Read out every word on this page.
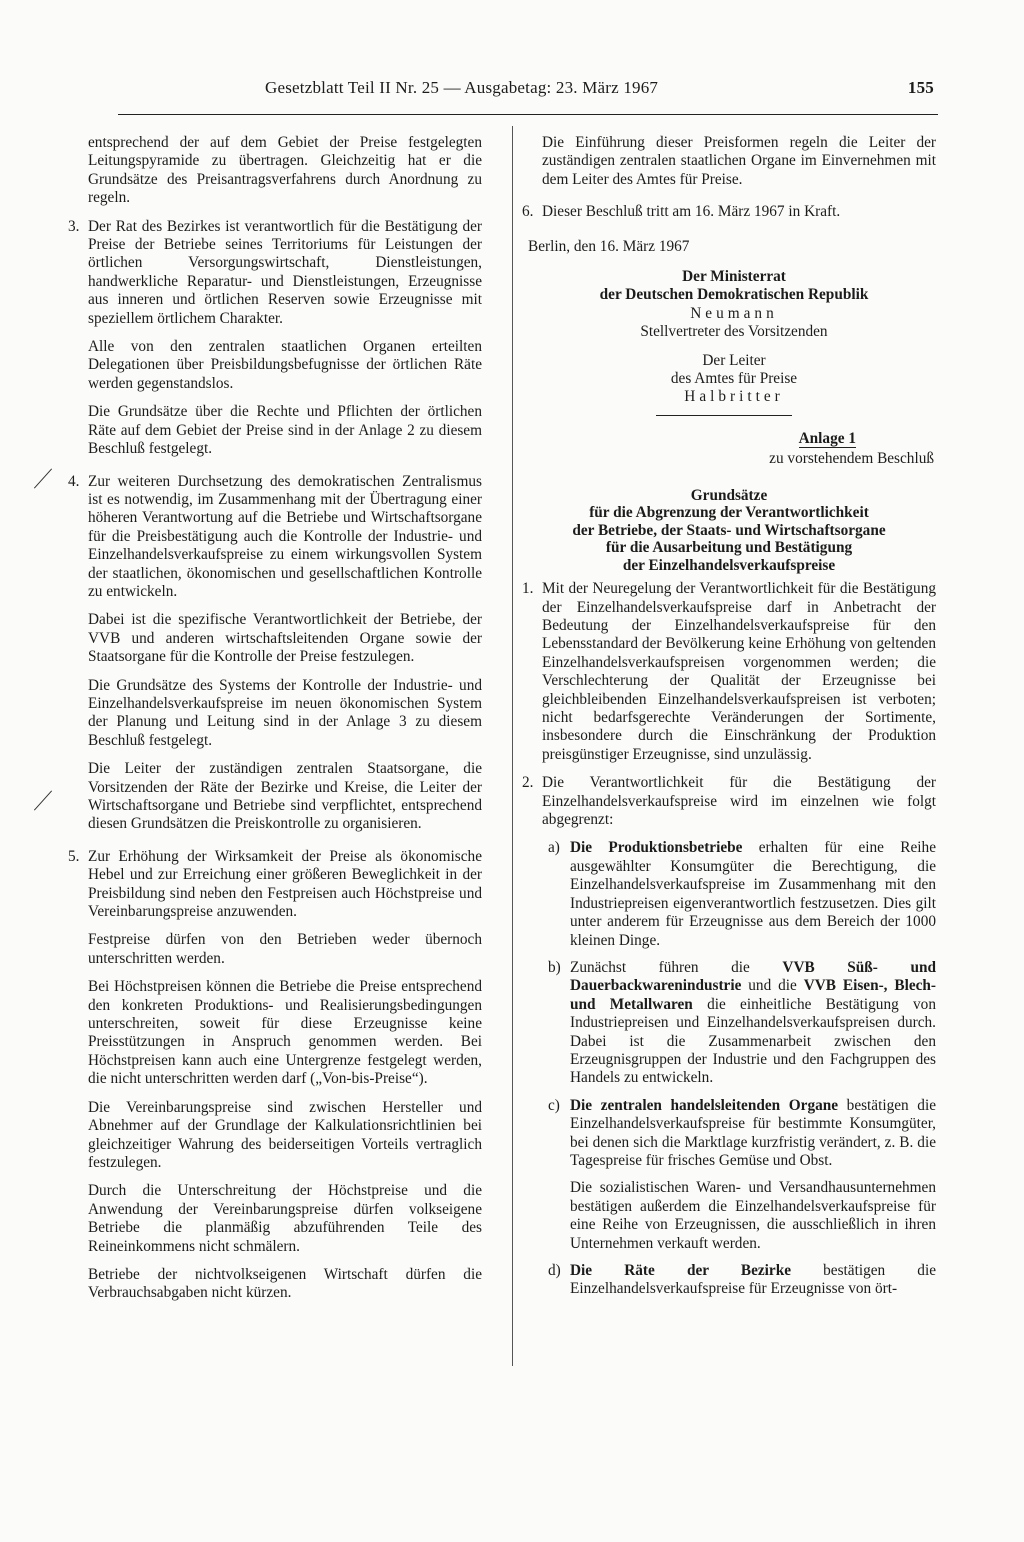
Gesetzblatt Teil II Nr. 25 — Ausgabetag: 23. März 1967	155

entsprechend der auf dem Gebiet der Preise festgelegten Leitungspyramide zu übertragen. Gleichzeitig hat er die Grundsätze des Preisantragsverfahrens durch Anordnung zu regeln.

3. Der Rat des Bezirkes ist verantwortlich für die Bestätigung der Preise der Betriebe seines Territoriums für Leistungen der örtlichen Versorgungswirtschaft, Dienstleistungen, handwerkliche Reparatur- und Dienstleistungen, Erzeugnisse aus inneren und örtlichen Reserven sowie Erzeugnisse mit speziellem örtlichem Charakter.

Alle von den zentralen staatlichen Organen erteilten Delegationen über Preisbildungsbefugnisse der örtlichen Räte werden gegenstandslos.

Die Grundsätze über die Rechte und Pflichten der örtlichen Räte auf dem Gebiet der Preise sind in der Anlage 2 zu diesem Beschluß festgelegt.

4. Zur weiteren Durchsetzung des demokratischen Zentralismus ist es notwendig, im Zusammenhang mit der Übertragung einer höheren Verantwortung auf die Betriebe und Wirtschaftsorgane für die Preisbestätigung auch die Kontrolle der Industrie- und Einzelhandelsverkaufspreise zu einem wirkungsvollen System der staatlichen, ökonomischen und gesellschaftlichen Kontrolle zu entwickeln.

Dabei ist die spezifische Verantwortlichkeit der Betriebe, der VVB und anderen wirtschaftsleitenden Organe sowie der Staatsorgane für die Kontrolle der Preise festzulegen.

Die Grundsätze des Systems der Kontrolle der Industrie- und Einzelhandelsverkaufspreise im neuen ökonomischen System der Planung und Leitung sind in der Anlage 3 zu diesem Beschluß festgelegt.

Die Leiter der zuständigen zentralen Staatsorgane, die Vorsitzenden der Räte der Bezirke und Kreise, die Leiter der Wirtschaftsorgane und Betriebe sind verpflichtet, entsprechend diesen Grundsätzen die Preiskontrolle zu organisieren.

5. Zur Erhöhung der Wirksamkeit der Preise als ökonomische Hebel und zur Erreichung einer größeren Beweglichkeit in der Preisbildung sind neben den Festpreisen auch Höchstpreise und Vereinbarungspreise anzuwenden.

Festpreise dürfen von den Betrieben weder übernoch unterschritten werden.

Bei Höchstpreisen können die Betriebe die Preise entsprechend den konkreten Produktions- und Realisierungsbedingungen unterschreiten, soweit für diese Erzeugnisse keine Preisstützungen in Anspruch genommen werden. Bei Höchstpreisen kann auch eine Untergrenze festgelegt werden, die nicht unterschritten werden darf („Von-bis-Preise“).

Die Vereinbarungspreise sind zwischen Hersteller und Abnehmer auf der Grundlage der Kalkulationsrichtlinien bei gleichzeitiger Wahrung des beiderseitigen Vorteils vertraglich festzulegen.

Durch die Unterschreitung der Höchstpreise und die Anwendung der Vereinbarungspreise dürfen volkseigene Betriebe die planmäßig abzuführenden Teile des Reineinkommens nicht schmälern.

Betriebe der nichtvolkseigenen Wirtschaft dürfen die Verbrauchsabgaben nicht kürzen.

Die Einführung dieser Preisformen regeln die Leiter der zuständigen zentralen staatlichen Organe im Einvernehmen mit dem Leiter des Amtes für Preise.

6. Dieser Beschluß tritt am 16. März 1967 in Kraft.

Berlin, den 16. März 1967

Der Ministerrat

der Deutschen Demokratischen Republik

Neumann

Stellvertreter des Vorsitzenden

Der Leiter

des Amtes für Preise

Halbritter

Anlage 1

zu vorstehendem Beschluß

Grundsätze
für die Abgrenzung der Verantwortlichkeit
der Betriebe, der Staats- und Wirtschaftsorgane
für die Ausarbeitung und Bestätigung
der Einzelhandelsverkaufspreise

1. Mit der Neuregelung der Verantwortlichkeit für die Bestätigung der Einzelhandelsverkaufspreise darf in Anbetracht der Bedeutung der Einzelhandelsverkaufspreise für den Lebensstandard der Bevölkerung keine Erhöhung von geltenden Einzelhandelsverkaufspreisen vorgenommen werden; die Verschlechterung der Qualität der Erzeugnisse bei gleichbleibenden Einzelhandelsverkaufspreisen ist verboten; nicht bedarfsgerechte Veränderungen der Sortimente, insbesondere durch die Einschränkung der Produktion preisgünstiger Erzeugnisse, sind unzulässig.
2. Die Verantwortlichkeit für die Bestätigung der Einzelhandelsverkaufspreise wird im einzelnen wie folgt abgegrenzt:
a) Die Produktionsbetriebe erhalten für eine Reihe ausgewählter Konsumgüter die Berechtigung, die Einzelhandelsverkaufspreise im Zusammenhang mit den Industriepreisen eigenverantwortlich festzusetzen. Dies gilt unter anderem für Erzeugnisse aus dem Bereich der 1000 kleinen Dinge.
b) Zunächst führen die VVB Süß- und Dauerbackwarenindustrie und die VVB Eisen-, Blech- und Metallwaren die einheitliche Bestätigung von Industriepreisen und Einzelhandelsverkaufspreisen durch. Dabei ist die Zusammenarbeit zwischen den Erzeugnisgruppen der Industrie und den Fachgruppen des Handels zu entwickeln.
c) Die zentralen handelsleitenden Organe bestätigen die Einzelhandelsverkaufspreise für bestimmte Konsumgüter, bei denen sich die Marktlage kurzfristig verändert, z. B. die Tagespreise für frisches Gemüse und Obst.

Die sozialistischen Waren- und Versandhausunternehmen bestätigen außerdem die Einzelhandelsverkaufspreise für eine Reihe von Erzeugnissen, die ausschließlich in ihren Unternehmen verkauft werden.

d) Die Räte der Bezirke bestätigen die Einzelhandelsverkaufspreise für Erzeugnisse von ört-
